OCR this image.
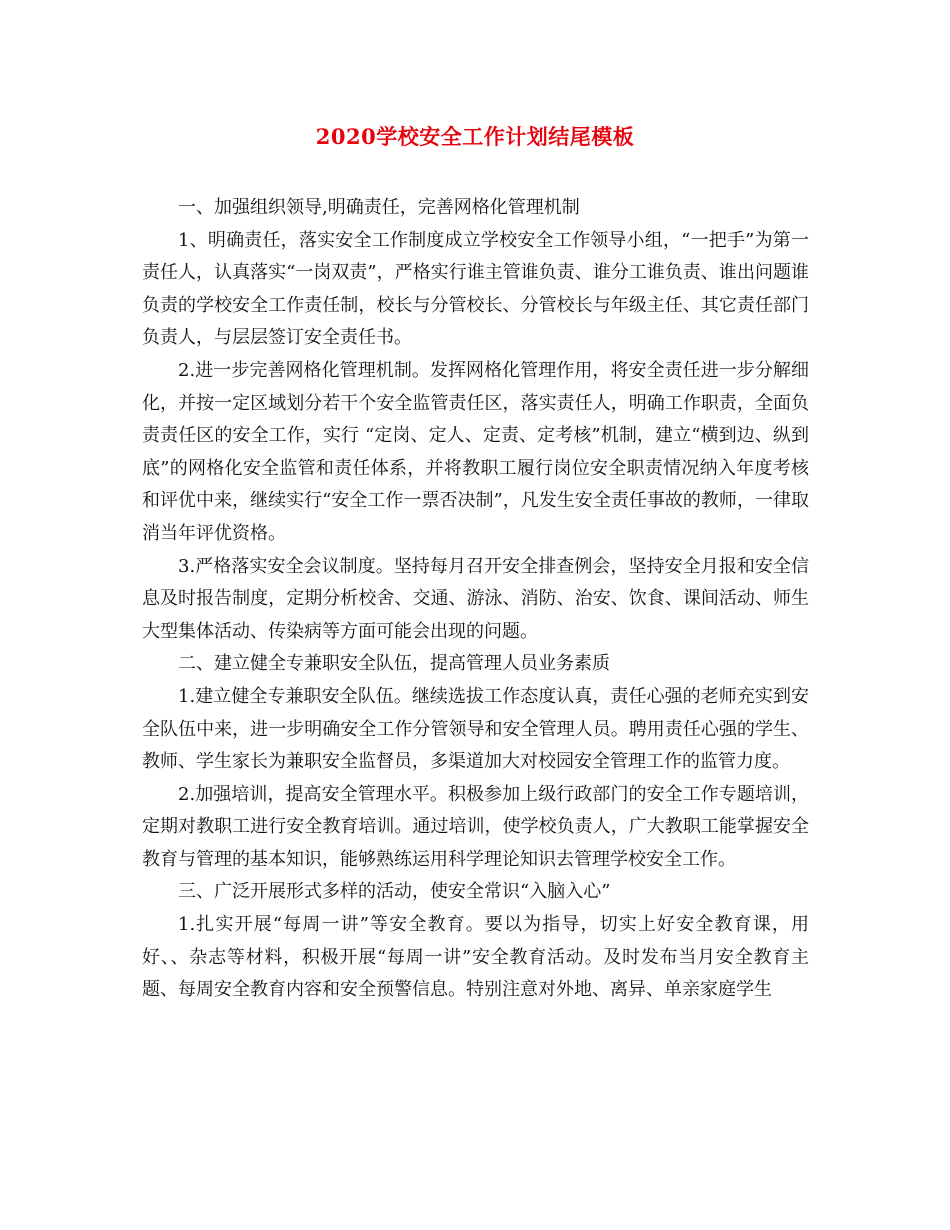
2020学校安全工作计划结尾模板

一、加强组织领导,明确责任，完善网格化管理机制

1、明确责任，落实安全工作制度成立学校安全工作领导小组，“一把手”为第一责任人，认真落实“一岗双责”，严格实行谁主管谁负责、谁分工谁负责、谁出问题谁负责的学校安全工作责任制，校长与分管校长、分管校长与年级主任、其它责任部门负责人，与层层签订安全责任书。

2.进一步完善网格化管理机制。发挥网格化管理作用，将安全责任进一步分解细化，并按一定区域划分若干个安全监管责任区，落实责任人，明确工作职责，全面负责责任区的安全工作，实行 “定岗、定人、定责、定考核”机制，建立“横到边、纵到底”的网格化安全监管和责任体系，并将教职工履行岗位安全职责情况纳入年度考核和评优中来，继续实行“安全工作一票否决制”，凡发生安全责任事故的教师，一律取消当年评优资格。

3.严格落实安全会议制度。坚持每月召开安全排查例会，坚持安全月报和安全信息及时报告制度，定期分析校舍、交通、游泳、消防、治安、饮食、课间活动、师生大型集体活动、传染病等方面可能会出现的问题。

二、建立健全专兼职安全队伍，提高管理人员业务素质

1.建立健全专兼职安全队伍。继续选拔工作态度认真，责任心强的老师充实到安全队伍中来，进一步明确安全工作分管领导和安全管理人员。聘用责任心强的学生、教师、学生家长为兼职安全监督员，多渠道加大对校园安全管理工作的监管力度。

2.加强培训，提高安全管理水平。积极参加上级行政部门的安全工作专题培训，定期对教职工进行安全教育培训。通过培训，使学校负责人，广大教职工能掌握安全教育与管理的基本知识，能够熟练运用科学理论知识去管理学校安全工作。

三、广泛开展形式多样的活动，使安全常识“入脑入心”

1.扎实开展“每周一讲”等安全教育。要以为指导，切实上好安全教育课，用好、、杂志等材料，积极开展“每周一讲”安全教育活动。及时发布当月安全教育主题、每周安全教育内容和安全预警信息。特别注意对外地、离异、单亲家庭学生
